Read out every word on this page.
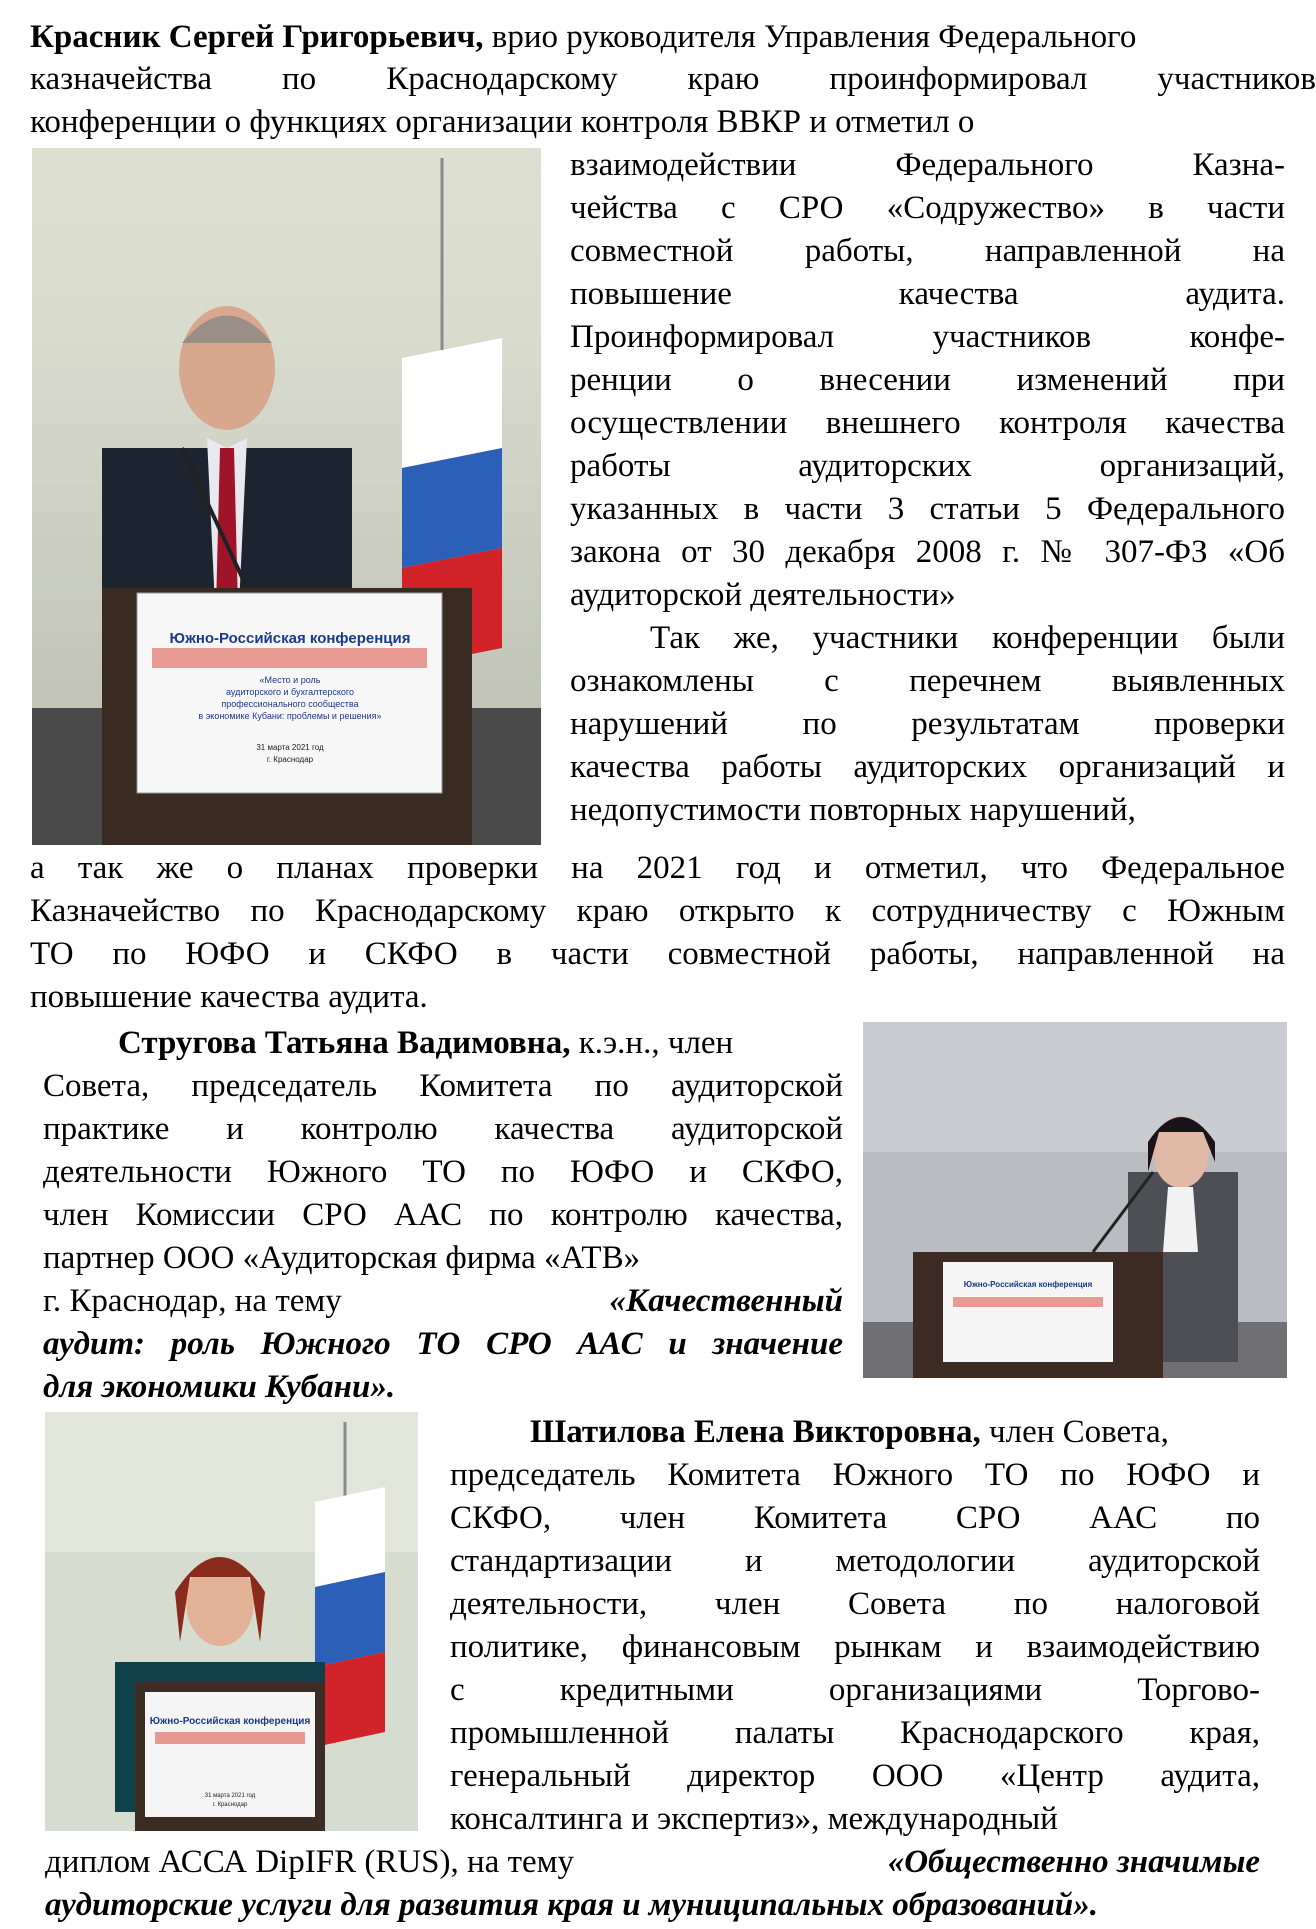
Красник Сергей Григорьевич, врио руководителя Управления Федерального
казначейства по Краснодарскому краю проинформировал участников
конференции о функциях организации контроля ВВКР и отметил о
Южно-Российская конференция
«Место и роль
аудиторского и бухгалтерского
профессионального сообщества
в экономике Кубани: проблемы и решения»
31 марта 2021 год
г. Краснодар
взаимодействии Федерального Казна-
чейства с СРО «Содружество» в части
совместной работы, направленной на
повышение качества аудита.
Проинформировал участников конфе-
ренции о внесении изменений при
осуществлении внешнего контроля качества
работы аудиторских организаций,
указанных в части 3 статьи 5 Федерального
закона от 30 декабря 2008 г. № 307-ФЗ «Об
аудиторской деятельности»
Так же, участники конференции были
ознакомлены с перечнем выявленных
нарушений по результатам проверки
качества работы аудиторских организаций и
недопустимости повторных нарушений,
а так же о планах проверки на 2021 год и отметил, что Федеральное
Казначейство по Краснодарскому краю открыто к сотрудничеству с Южным
ТО по ЮФО и СКФО в части совместной работы, направленной на
повышение качества аудита.
Стругова Татьяна Вадимовна, к.э.н., член
Совета, председатель Комитета по аудиторской
практике и контролю качества аудиторской
деятельности Южного ТО по ЮФО и СКФО,
член Комиссии СРО ААС по контролю качества,
партнер ООО «Аудиторская фирма «АТВ»
г. Краснодар, на тему	«Качественный
аудит: роль Южного ТО СРО ААС и значение
для экономики Кубани».
Южно-Российская конференция
Южно-Российская конференция
31 марта 2021 год
г. Краснодар
Шатилова Елена Викторовна, член Совета,
председатель Комитета Южного ТО по ЮФО и
СКФО, член Комитета СРО ААС по
стандартизации и методологии аудиторской
деятельности, член Совета по налоговой
политике, финансовым рынкам и взаимодействию
с кредитными организациями Торгово-
промышленной палаты Краснодарского края,
генеральный директор ООО «Центр аудита,
консалтинга и экспертиз», международный
диплом АССА DipIFR (RUS), на тему	«Общественно значимые
аудиторские услуги для развития края и муниципальных образований».
